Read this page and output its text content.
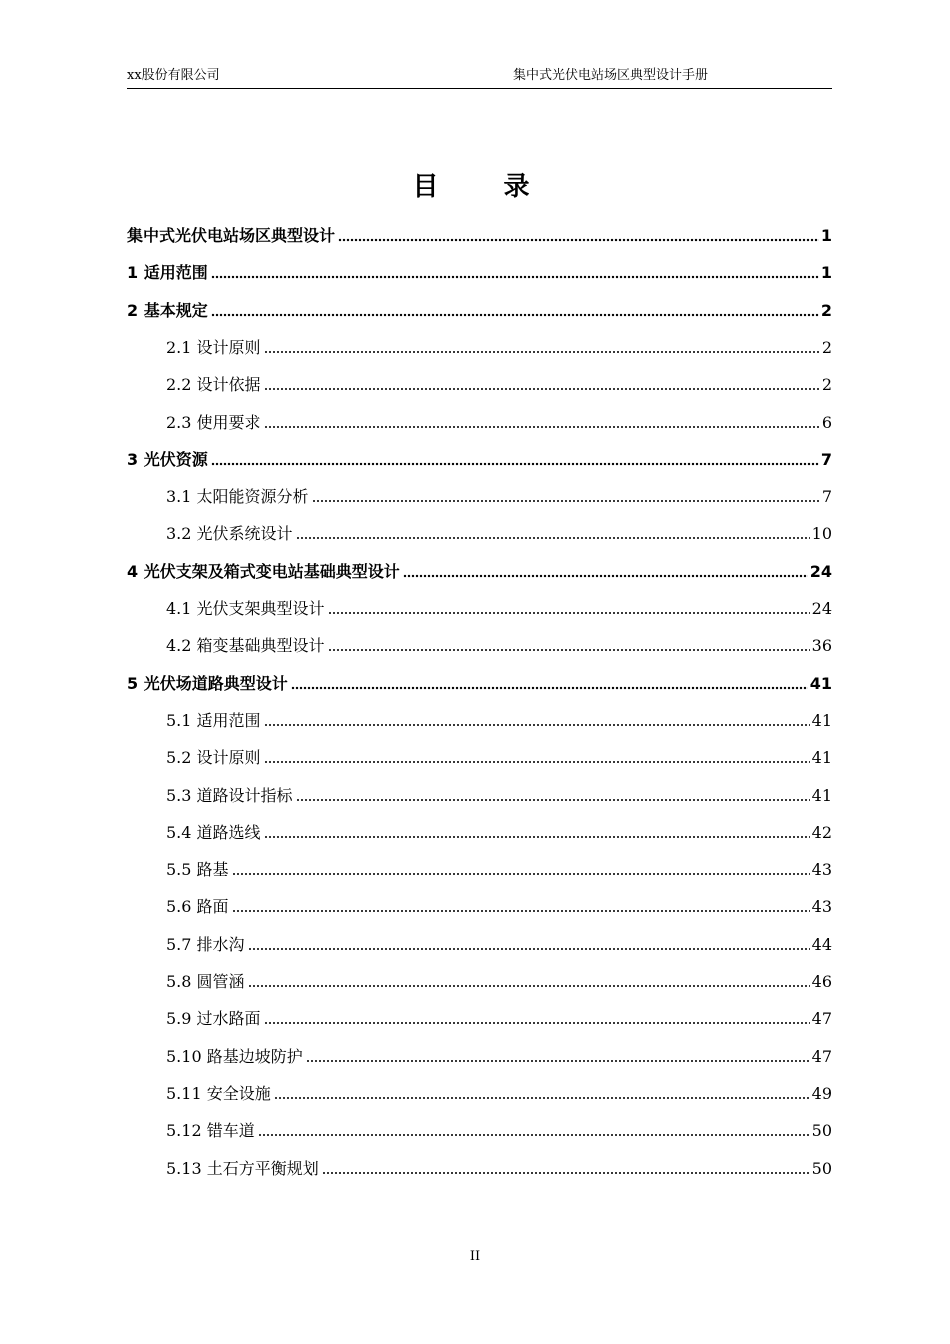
xx股份有限公司	集中式光伏电站场区典型设计手册
目 录
集中式光伏电站场区典型设计	1
1 适用范围	1
2 基本规定	2
2.1 设计原则	2
2.2 设计依据	2
2.3 使用要求	6
3 光伏资源	7
3.1 太阳能资源分析	7
3.2 光伏系统设计	10
4 光伏支架及箱式变电站基础典型设计	24
4.1 光伏支架典型设计	24
4.2 箱变基础典型设计	36
5 光伏场道路典型设计	41
5.1 适用范围	41
5.2 设计原则	41
5.3 道路设计指标	41
5.4 道路选线	42
5.5 路基	43
5.6 路面	43
5.7 排水沟	44
5.8 圆管涵	46
5.9 过水路面	47
5.10 路基边坡防护	47
5.11 安全设施	49
5.12 错车道	50
5.13 土石方平衡规划	50
II
